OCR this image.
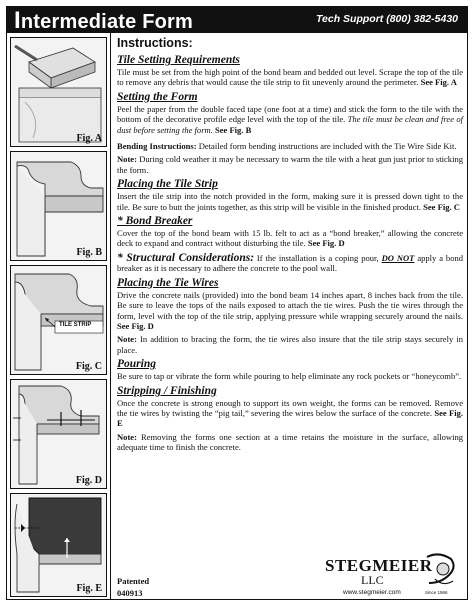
Intermediate Form	Tech Support (800) 382-5430
Fig. A
Fig. B
TILE STRIP
Fig. C
Fig. D
Fig. E
Instructions:
Tile Setting Requirements

Tile must be set from the high point of the bond beam and bedded out level. Scrape the top of the tile to remove any debris that would cause the tile strip to fit unevenly around the perimeter. See Fig. A

Setting the Form

Peel the paper from the double faced tape (one foot at a time) and stick the form to the tile with the bottom of the decorative profile edge level with the top of the tile. The tile must be clean and free of dust before setting the form. See Fig. B

Bending Instructions: Detailed form bending instructions are included with the Tie Wire Side Kit.

Note: During cold weather it may be necessary to warm the tile with a heat gun just prior to sticking the form.

Placing the Tile Strip

Insert the tile strip into the notch provided in the form, making sure it is pressed down tight to the tile. Be sure to butt the joints together, as this strip will be visible in the finished product. See Fig. C

* Bond Breaker

Cover the top of the bond beam with 15 lb. felt to act as a “bond breaker,” allowing the concrete deck to expand and contract without disturbing the tile. See Fig. D

* Structural Considerations: If the installation is a coping pour, DO NOT apply a bond breaker as it is necessary to adhere the concrete to the pool wall.

Placing the Tie Wires

Drive the concrete nails (provided) into the bond beam 14 inches apart, 8 inches back from the tile. Be sure to leave the tops of the nails exposed to attach the tie wires. Push the tie wires through the form, level with the top of the tile strip, applying pressure while wrapping securely around the nails. See Fig. D

Note: In addition to bracing the form, the tie wires also insure that the tile strip stays securely in place.

Pouring

Be sure to tap or vibrate the form while pouring to help eliminate any rock pockets or “honeycomb”.

Stripping / Finishing

Once the concrete is strong enough to support its own weight, the forms can be removed. Remove the tie wires by twisting the “pig tail,” severing the wires below the surface of the concrete. See Fig. E

Note: Removing the forms one section at a time retains the moisture in the surface, allowing adequate time to finish the concrete.

Patented
040913
STEGMEIER
LLC
www.stegmeier.com	Since 1966
